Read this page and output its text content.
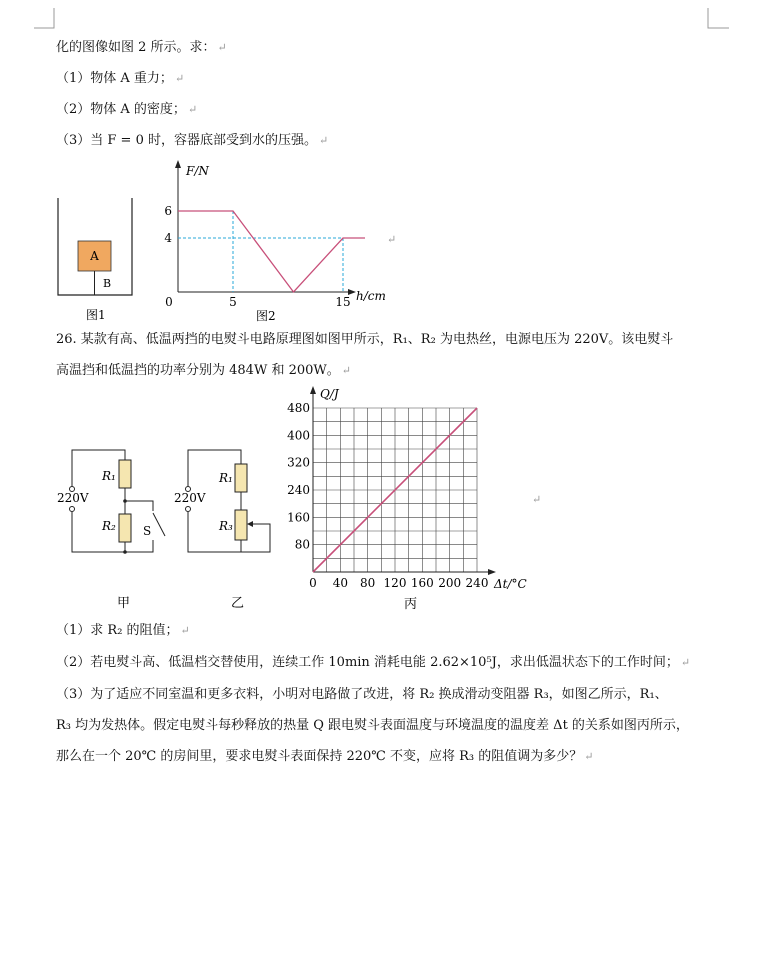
化的图像如图 2 所示。求： ↵
（1）物体 A 重力； ↵
（2）物体 A 的密度； ↵
（3）当 F = 0 时，容器底部受到水的压强。 ↵
A
B
图1
F/N
h/cm
0	5	15
6
4
图2
↵
26. 某款有高、低温两挡的电熨斗电路原理图如图甲所示，R₁、R₂ 为电热丝，电源电压为 220V。该电熨斗
高温挡和低温挡的功率分别为 484W 和 200W。 ↵
220V
R₁
R₂ S
甲
220V
R₁
R₃
乙
Q/J
Δt/°C
0 40 80 120 160 200 240
80
160
240
320
400
480
丙
↵
（1）求 R₂ 的阻值； ↵
（2）若电熨斗高、低温档交替使用，连续工作 10min 消耗电能 2.62×10⁵J，求出低温状态下的工作时间； ↵
（3）为了适应不同室温和更多衣料，小明对电路做了改进，将 R₂ 换成滑动变阻器 R₃，如图乙所示，R₁、
R₃ 均为发热体。假定电熨斗每秒释放的热量 Q 跟电熨斗表面温度与环境温度的温度差 Δt 的关系如图丙所示，
那么在一个 20℃ 的房间里，要求电熨斗表面保持 220℃ 不变，应将 R₃ 的阻值调为多少？ ↵
